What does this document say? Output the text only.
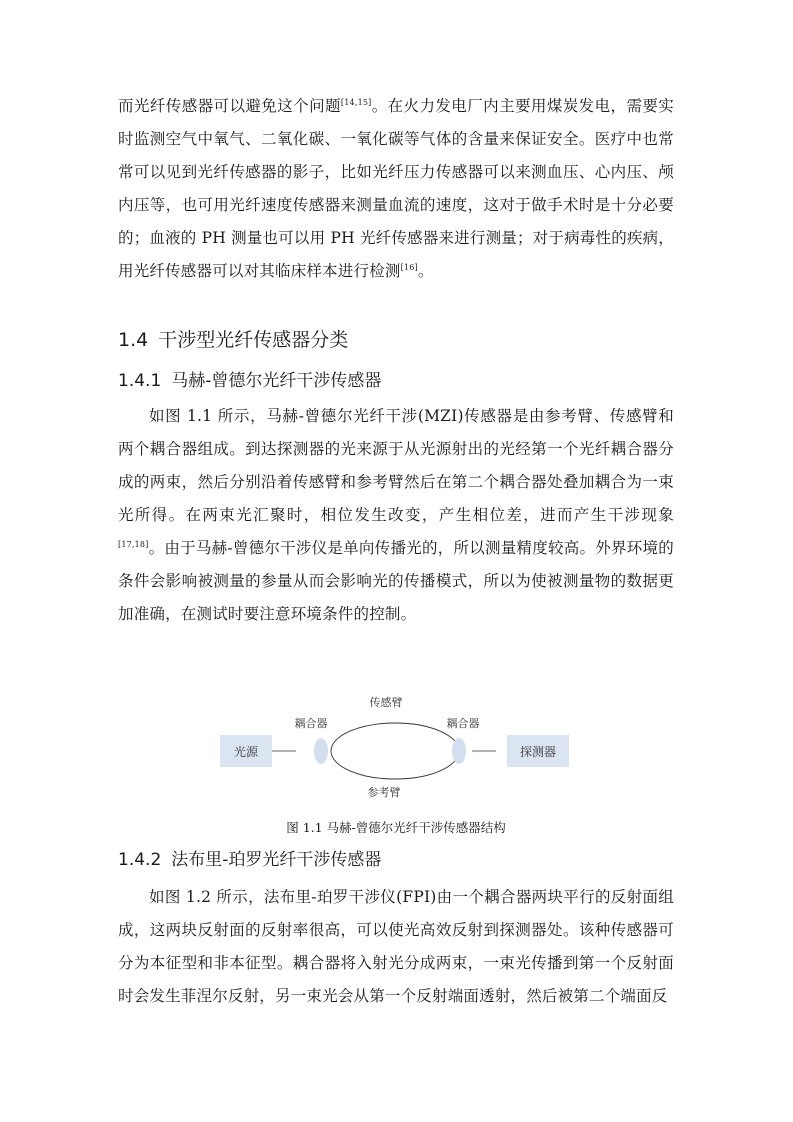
而光纤传感器可以避免这个问题[14,15]。在火力发电厂内主要用煤炭发电，需要实时监测空气中氧气、二氧化碳、一氧化碳等气体的含量来保证安全。医疗中也常常可以见到光纤传感器的影子，比如光纤压力传感器可以来测血压、心内压、颅内压等，也可用光纤速度传感器来测量血流的速度，这对于做手术时是十分必要的；血液的 PH 测量也可以用 PH 光纤传感器来进行测量；对于病毒性的疾病，用光纤传感器可以对其临床样本进行检测[16]。

1.4 干涉型光纤传感器分类
1.4.1 马赫-曾德尔光纤干涉传感器

如图 1.1 所示，马赫-曾德尔光纤干涉(MZI)传感器是由参考臂、传感臂和两个耦合器组成。到达探测器的光来源于从光源射出的光经第一个光纤耦合器分成的两束，然后分别沿着传感臂和参考臂然后在第二个耦合器处叠加耦合为一束光所得。在两束光汇聚时，相位发生改变，产生相位差，进而产生干涉现象[17,18]。由于马赫-曾德尔干涉仪是单向传播光的，所以测量精度较高。外界环境的条件会影响被测量的参量从而会影响光的传播模式，所以为使被测量物的数据更加准确，在测试时要注意环境条件的控制。

光源
耦合器
传感臂
参考臂
耦合器
探测器
图 1.1 马赫-曾德尔光纤干涉传感器结构
1.4.2 法布里-珀罗光纤干涉传感器

如图 1.2 所示，法布里-珀罗干涉仪(FPI)由一个耦合器两块平行的反射面组成，这两块反射面的反射率很高，可以使光高效反射到探测器处。该种传感器可分为本征型和非本征型。耦合器将入射光分成两束，一束光传播到第一个反射面时会发生菲涅尔反射，另一束光会从第一个反射端面透射，然后被第二个端面反
